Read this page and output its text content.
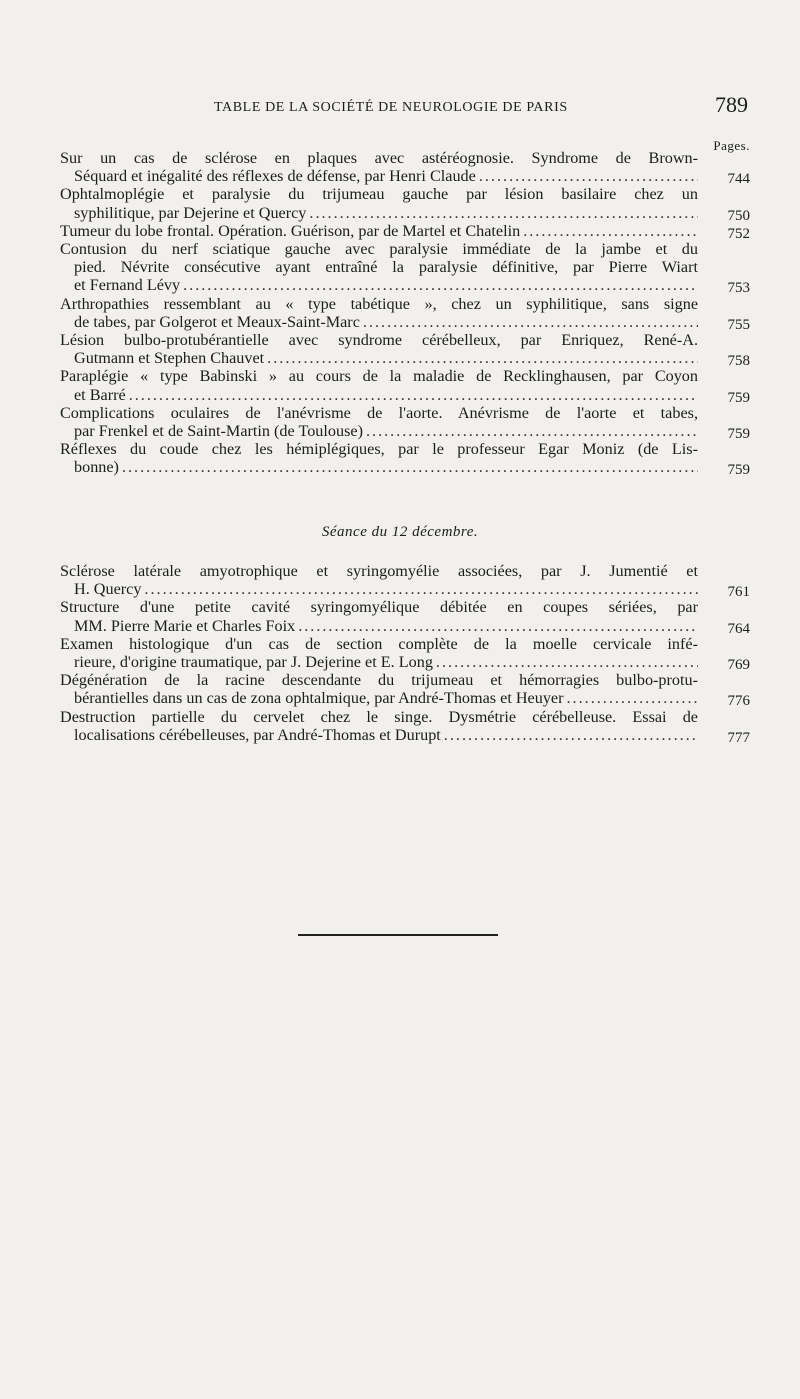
TABLE DE LA SOCIÉTÉ DE NEUROLOGIE DE PARIS	789
Pages.
Sur un cas de sclérose en plaques avec astéréognosie. Syndrome de Brown-
Séquard et inégalité des réflexes de défense, par Henri Claude .....	744
Ophtalmoplégie et paralysie du trijumeau gauche par lésion basilaire chez un
syphilitique, par Dejerine et Quercy .....	750
Tumeur du lobe frontal. Opération. Guérison, par de Martel et Chatelin .....	752
Contusion du nerf sciatique gauche avec paralysie immédiate de la jambe et du
pied. Névrite consécutive ayant entraîné la paralysie définitive, par Pierre Wiart
et Fernand Lévy .....	753
Arthropathies ressemblant au « type tabétique », chez un syphilitique, sans signe
de tabes, par Golgerot et Meaux-Saint-Marc .....	755
Lésion bulbo-protubérantielle avec syndrome cérébelleux, par Enriquez, René-A.
Gutmann et Stephen Chauvet .....	758
Paraplégie « type Babinski » au cours de la maladie de Recklinghausen, par Coyon
et Barré .....	759
Complications oculaires de l'anévrisme de l'aorte. Anévrisme de l'aorte et tabes,
par Frenkel et de Saint-Martin (de Toulouse) .....	759
Réflexes du coude chez les hémiplégiques, par le professeur Egar Moniz (de Lis-
bonne) .....	759
Séance du 12 décembre.
Sclérose latérale amyotrophique et syringomyélie associées, par J. Jumentié et
H. Quercy .....	761
Structure d'une petite cavité syringomyélique débitée en coupes sériées, par
MM. Pierre Marie et Charles Foix .....	764
Examen histologique d'un cas de section complète de la moelle cervicale infé-
rieure, d'origine traumatique, par J. Dejerine et E. Long .....	769
Dégénération de la racine descendante du trijumeau et hémorragies bulbo-protu-
bérantielles dans un cas de zona ophtalmique, par André-Thomas et Heuyer .....	776
Destruction partielle du cervelet chez le singe. Dysmétrie cérébelleuse. Essai de
localisations cérébelleuses, par André-Thomas et Durupt .....	777
